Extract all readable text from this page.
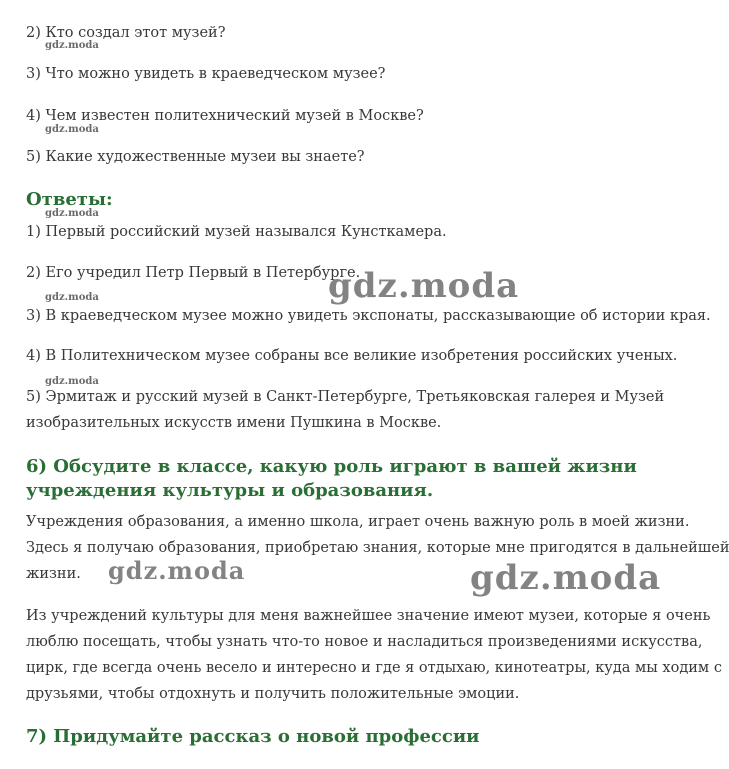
2) Кто создал этот музей?

gdz.moda

3) Что можно увидеть в краеведческом музее?

4) Чем известен политехнический музей в Москве?

gdz.moda

5) Какие художественные музеи вы знаете?

Ответы:
gdz.moda

1) Первый российский музей назывался Кунсткамера.

2) Его учредил Петр Первый в Петербурге.

gdz.moda

3) В краеведческом музее можно увидеть экспонаты, рассказывающие об истории края.

4) В Политехническом музее собраны все великие изобретения российских ученых.

gdz.moda

5) Эрмитаж и русский музей в Санкт-Петербурге, Третьяковская галерея и Музей

изобразительных искусств имени Пушкина в Москве.

gdz.moda
6) Обсудите в классе, какую роль играют в вашей жизни
учреждения культуры и образования.
Учреждения образования, а именно школа, играет очень важную роль в моей жизни.
Здесь я получаю образования, приобретаю знания, которые мне пригодятся в дальнейшей
жизни.	gdz.moda	gdz.moda
Из учреждений культуры для меня важнейшее значение имеют музеи, которые я очень
люблю посещать, чтобы узнать что-то новое и насладиться произведениями искусства,
цирк, где всегда очень весело и интересно и где я отдыхаю, кинотеатры, куда мы ходим с
друзьями, чтобы отдохнуть и получить положительные эмоции.
7) Придумайте рассказ о новой профессии
